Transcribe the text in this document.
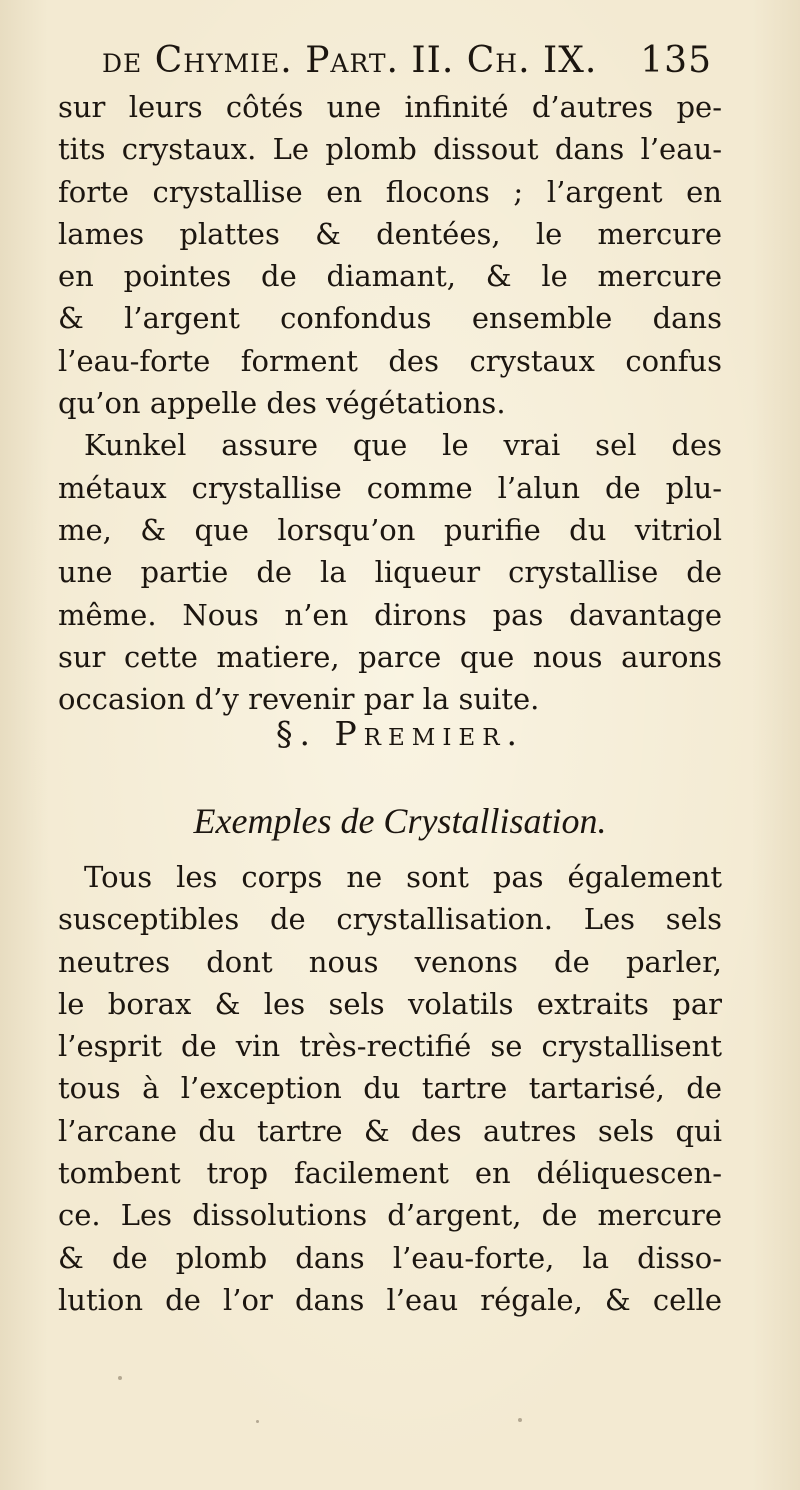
de Chymie. Part. II. Ch. IX. 135
sur leurs côtés une infinité d’autres pe-
tits crystaux. Le plomb dissout dans l’eau-
forte crystallise en flocons ; l’argent en
lames plattes & dentées, le mercure
en pointes de diamant, & le mercure
& l’argent confondus ensemble dans
l’eau-forte forment des crystaux confus
qu’on appelle des végétations.
Kunkel assure que le vrai sel des
métaux crystallise comme l’alun de plu-
me, & que lorsqu’on purifie du vitriol
une partie de la liqueur crystallise de
même. Nous n’en dirons pas davantage
sur cette matiere, parce que nous aurons
occasion d’y revenir par la suite.
§. Premier.
Exemples de Crystallisation.
Tous les corps ne sont pas également
susceptibles de crystallisation. Les sels
neutres dont nous venons de parler,
le borax & les sels volatils extraits par
l’esprit de vin très-rectifié se crystallisent
tous à l’exception du tartre tartarisé, de
l’arcane du tartre & des autres sels qui
tombent trop facilement en déliquescen-
ce. Les dissolutions d’argent, de mercure
& de plomb dans l’eau-forte, la disso-
lution de l’or dans l’eau régale, & celle
